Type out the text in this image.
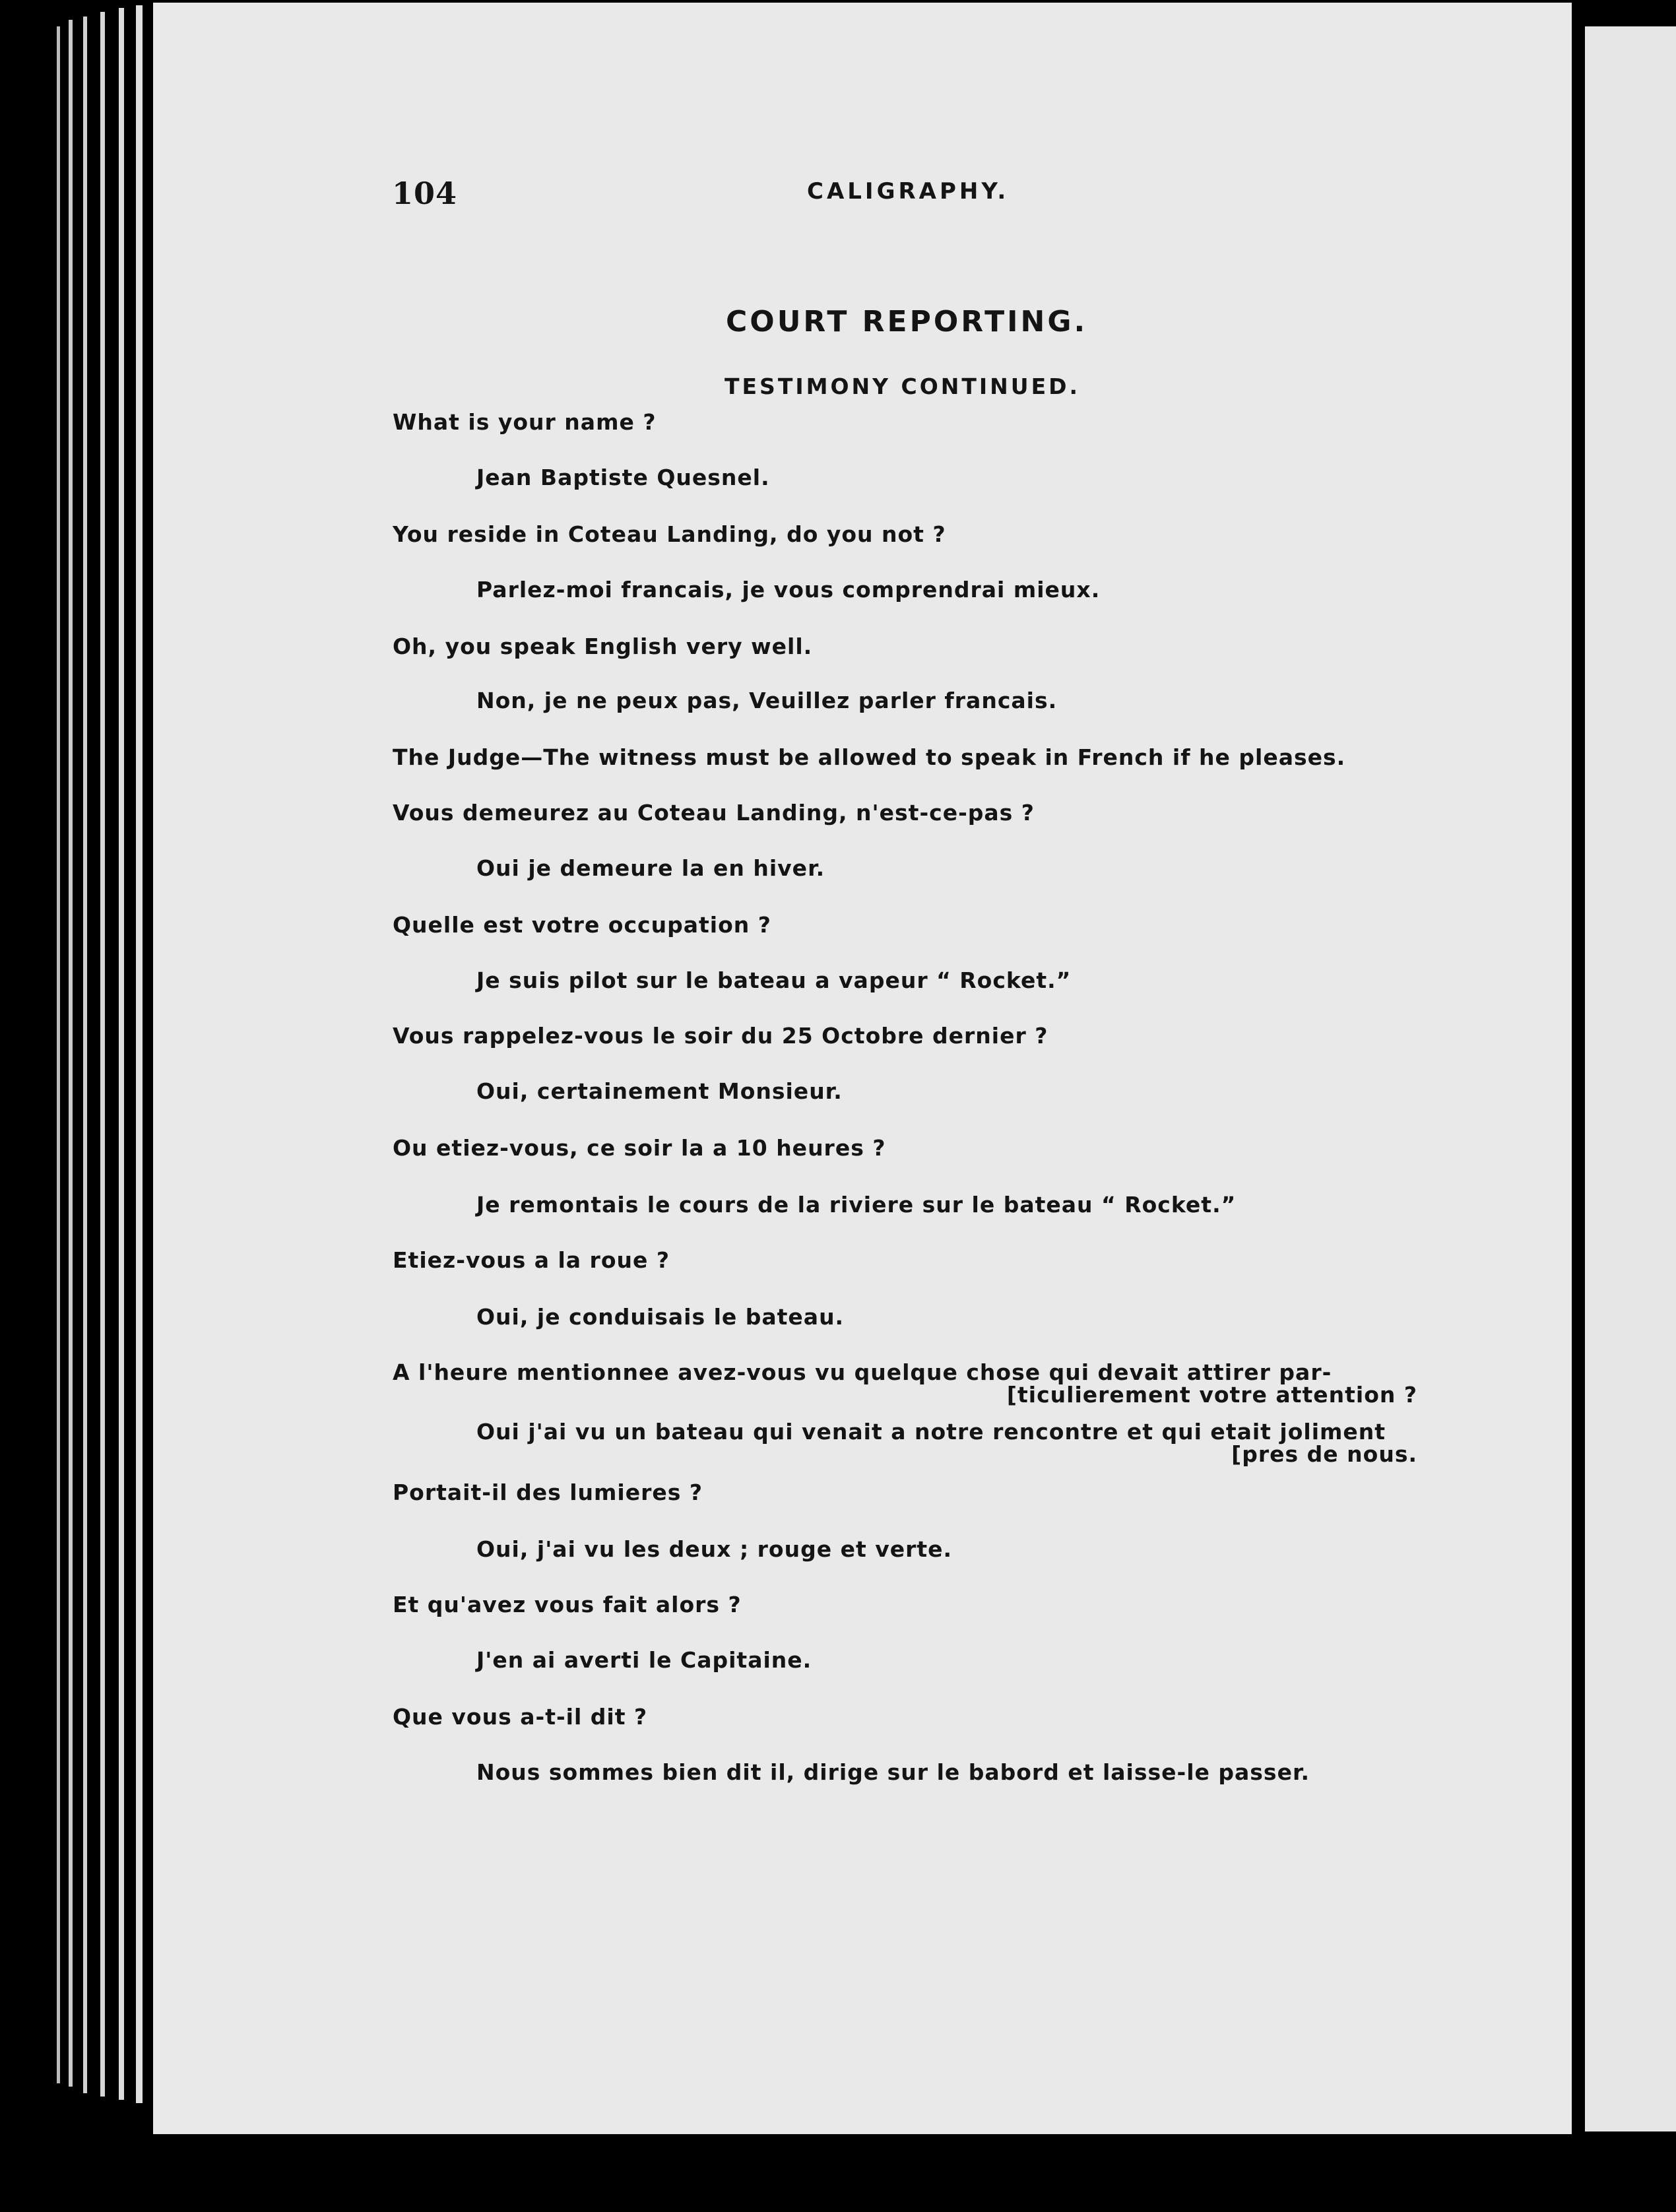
104	CALIGRAPHY.
COURT REPORTING.
TESTIMONY CONTINUED.
What is your name ?
Jean Baptiste Quesnel.
You reside in Coteau Landing, do you not ?
Parlez-moi francais, je vous comprendrai mieux.
Oh, you speak English very well.
Non, je ne peux pas, Veuillez parler francais.
The Judge—The witness must be allowed to speak in French if he pleases.
Vous demeurez au Coteau Landing, n'est-ce-pas ?
Oui je demeure la en hiver.
Quelle est votre occupation ?
Je suis pilot sur le bateau a vapeur “ Rocket.”
Vous rappelez-vous le soir du 25 Octobre dernier ?
Oui, certainement Monsieur.
Ou etiez-vous, ce soir la a 10 heures ?
Je remontais le cours de la riviere sur le bateau “ Rocket.”
Etiez-vous a la roue ?
Oui, je conduisais le bateau.
A l'heure mentionnee avez-vous vu quelque chose qui devait attirer par-
[ticulierement votre attention ?
Oui j'ai vu un bateau qui venait a notre rencontre et qui etait joliment
[pres de nous.
Portait-il des lumieres ?
Oui, j'ai vu les deux ; rouge et verte.
Et qu'avez vous fait alors ?
J'en ai averti le Capitaine.
Que vous a-t-il dit ?
Nous sommes bien dit il, dirige sur le babord et laisse-le passer.
